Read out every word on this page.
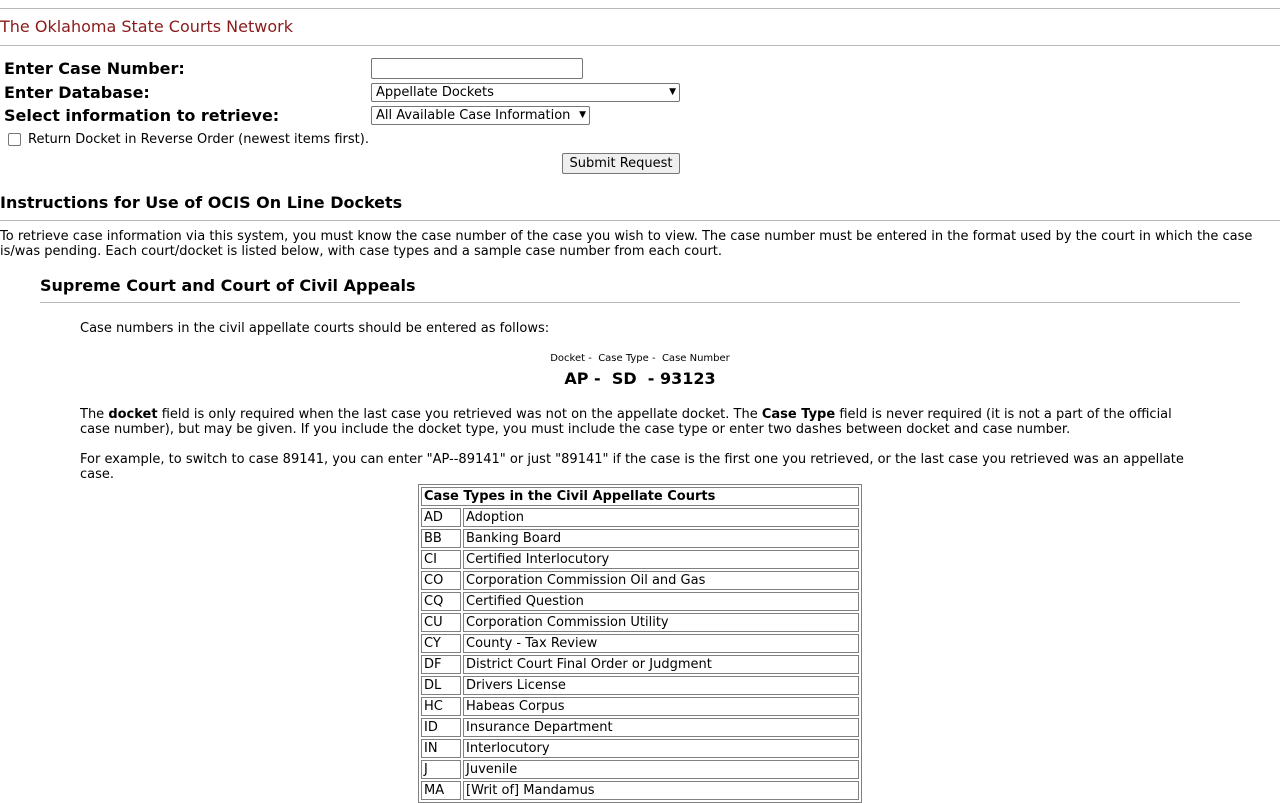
The Oklahoma State Courts Network
Enter Case Number:
Enter Database:	Appellate Dockets	▼
Select information to retrieve:	All Available Case Information ▼
Return Docket in Reverse Order (newest items first).
Submit Request
Instructions for Use of OCIS On Line Dockets
To retrieve case information via this system, you must know the case number of the case you wish to view. The case number must be entered in the format used by the court in which the case is/was pending. Each court/docket is listed below, with case types and a sample case number from each court.
Supreme Court and Court of Civil Appeals
Case numbers in the civil appellate courts should be entered as follows:
Docket -  Case Type -  Case Number
AP -  SD  - 93123
The docket field is only required when the last case you retrieved was not on the appellate docket. The Case Type field is never required (it is not a part of the official case number), but may be given. If you include the docket type, you must include the case type or enter two dashes between docket and case number.
For example, to switch to case 89141, you can enter "AP--89141" or just "89141" if the case is the first one you retrieved, or the last case you retrieved was an appellate case.
Case Types in the Civil Appellate Courts	
AD	Adoption
BB	Banking Board
CI	Certified Interlocutory
CO	Corporation Commission Oil and Gas
CQ	Certified Question
CU	Corporation Commission Utility
CY	County - Tax Review
DF	District Court Final Order or Judgment
DL	Drivers License
HC	Habeas Corpus
ID	Insurance Department
IN	Interlocutory
J	Juvenile
MA	[Writ of] Mandamus
